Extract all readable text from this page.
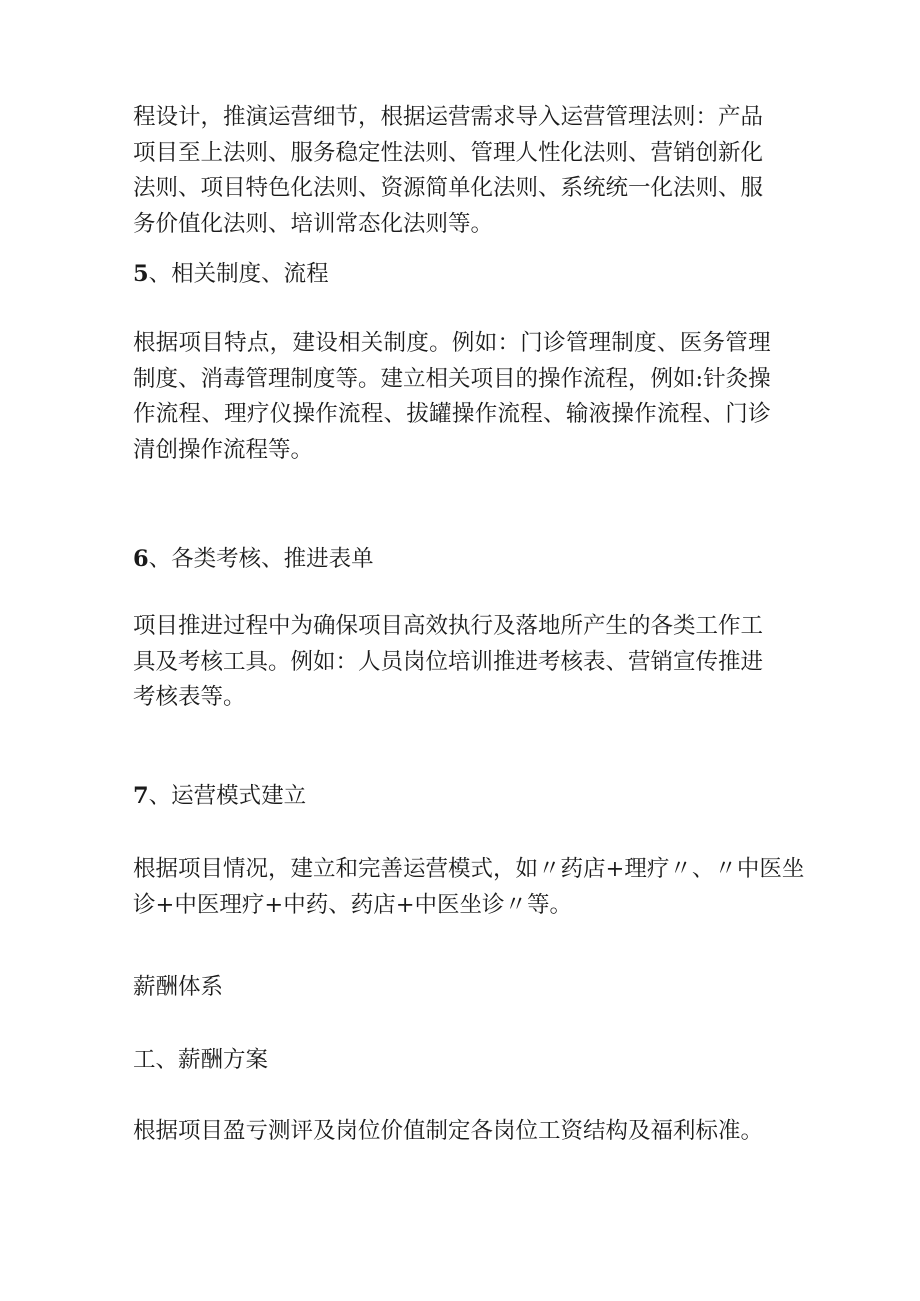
程设计，推演运营细节，根据运营需求导入运营管理法则：产品
项目至上法则、服务稳定性法则、管理人性化法则、营销创新化
法则、项目特色化法则、资源简单化法则、系统统一化法则、服
务价值化法则、培训常态化法则等。

5、相关制度、流程

根据项目特点，建设相关制度。例如：门诊管理制度、医务管理
制度、消毒管理制度等。建立相关项目的操作流程，例如:针灸操
作流程、理疗仪操作流程、拔罐操作流程、输液操作流程、门诊
清创操作流程等。

6、各类考核、推进表单

项目推进过程中为确保项目高效执行及落地所产生的各类工作工
具及考核工具。例如：人员岗位培训推进考核表、营销宣传推进
考核表等。

7、运营模式建立

根据项目情况，建立和完善运营模式，如〃药店+理疗〃、〃中医坐
诊+中医理疗+中药、药店+中医坐诊〃等。

薪酬体系

工、薪酬方案

根据项目盈亏测评及岗位价值制定各岗位工资结构及福利标准。
